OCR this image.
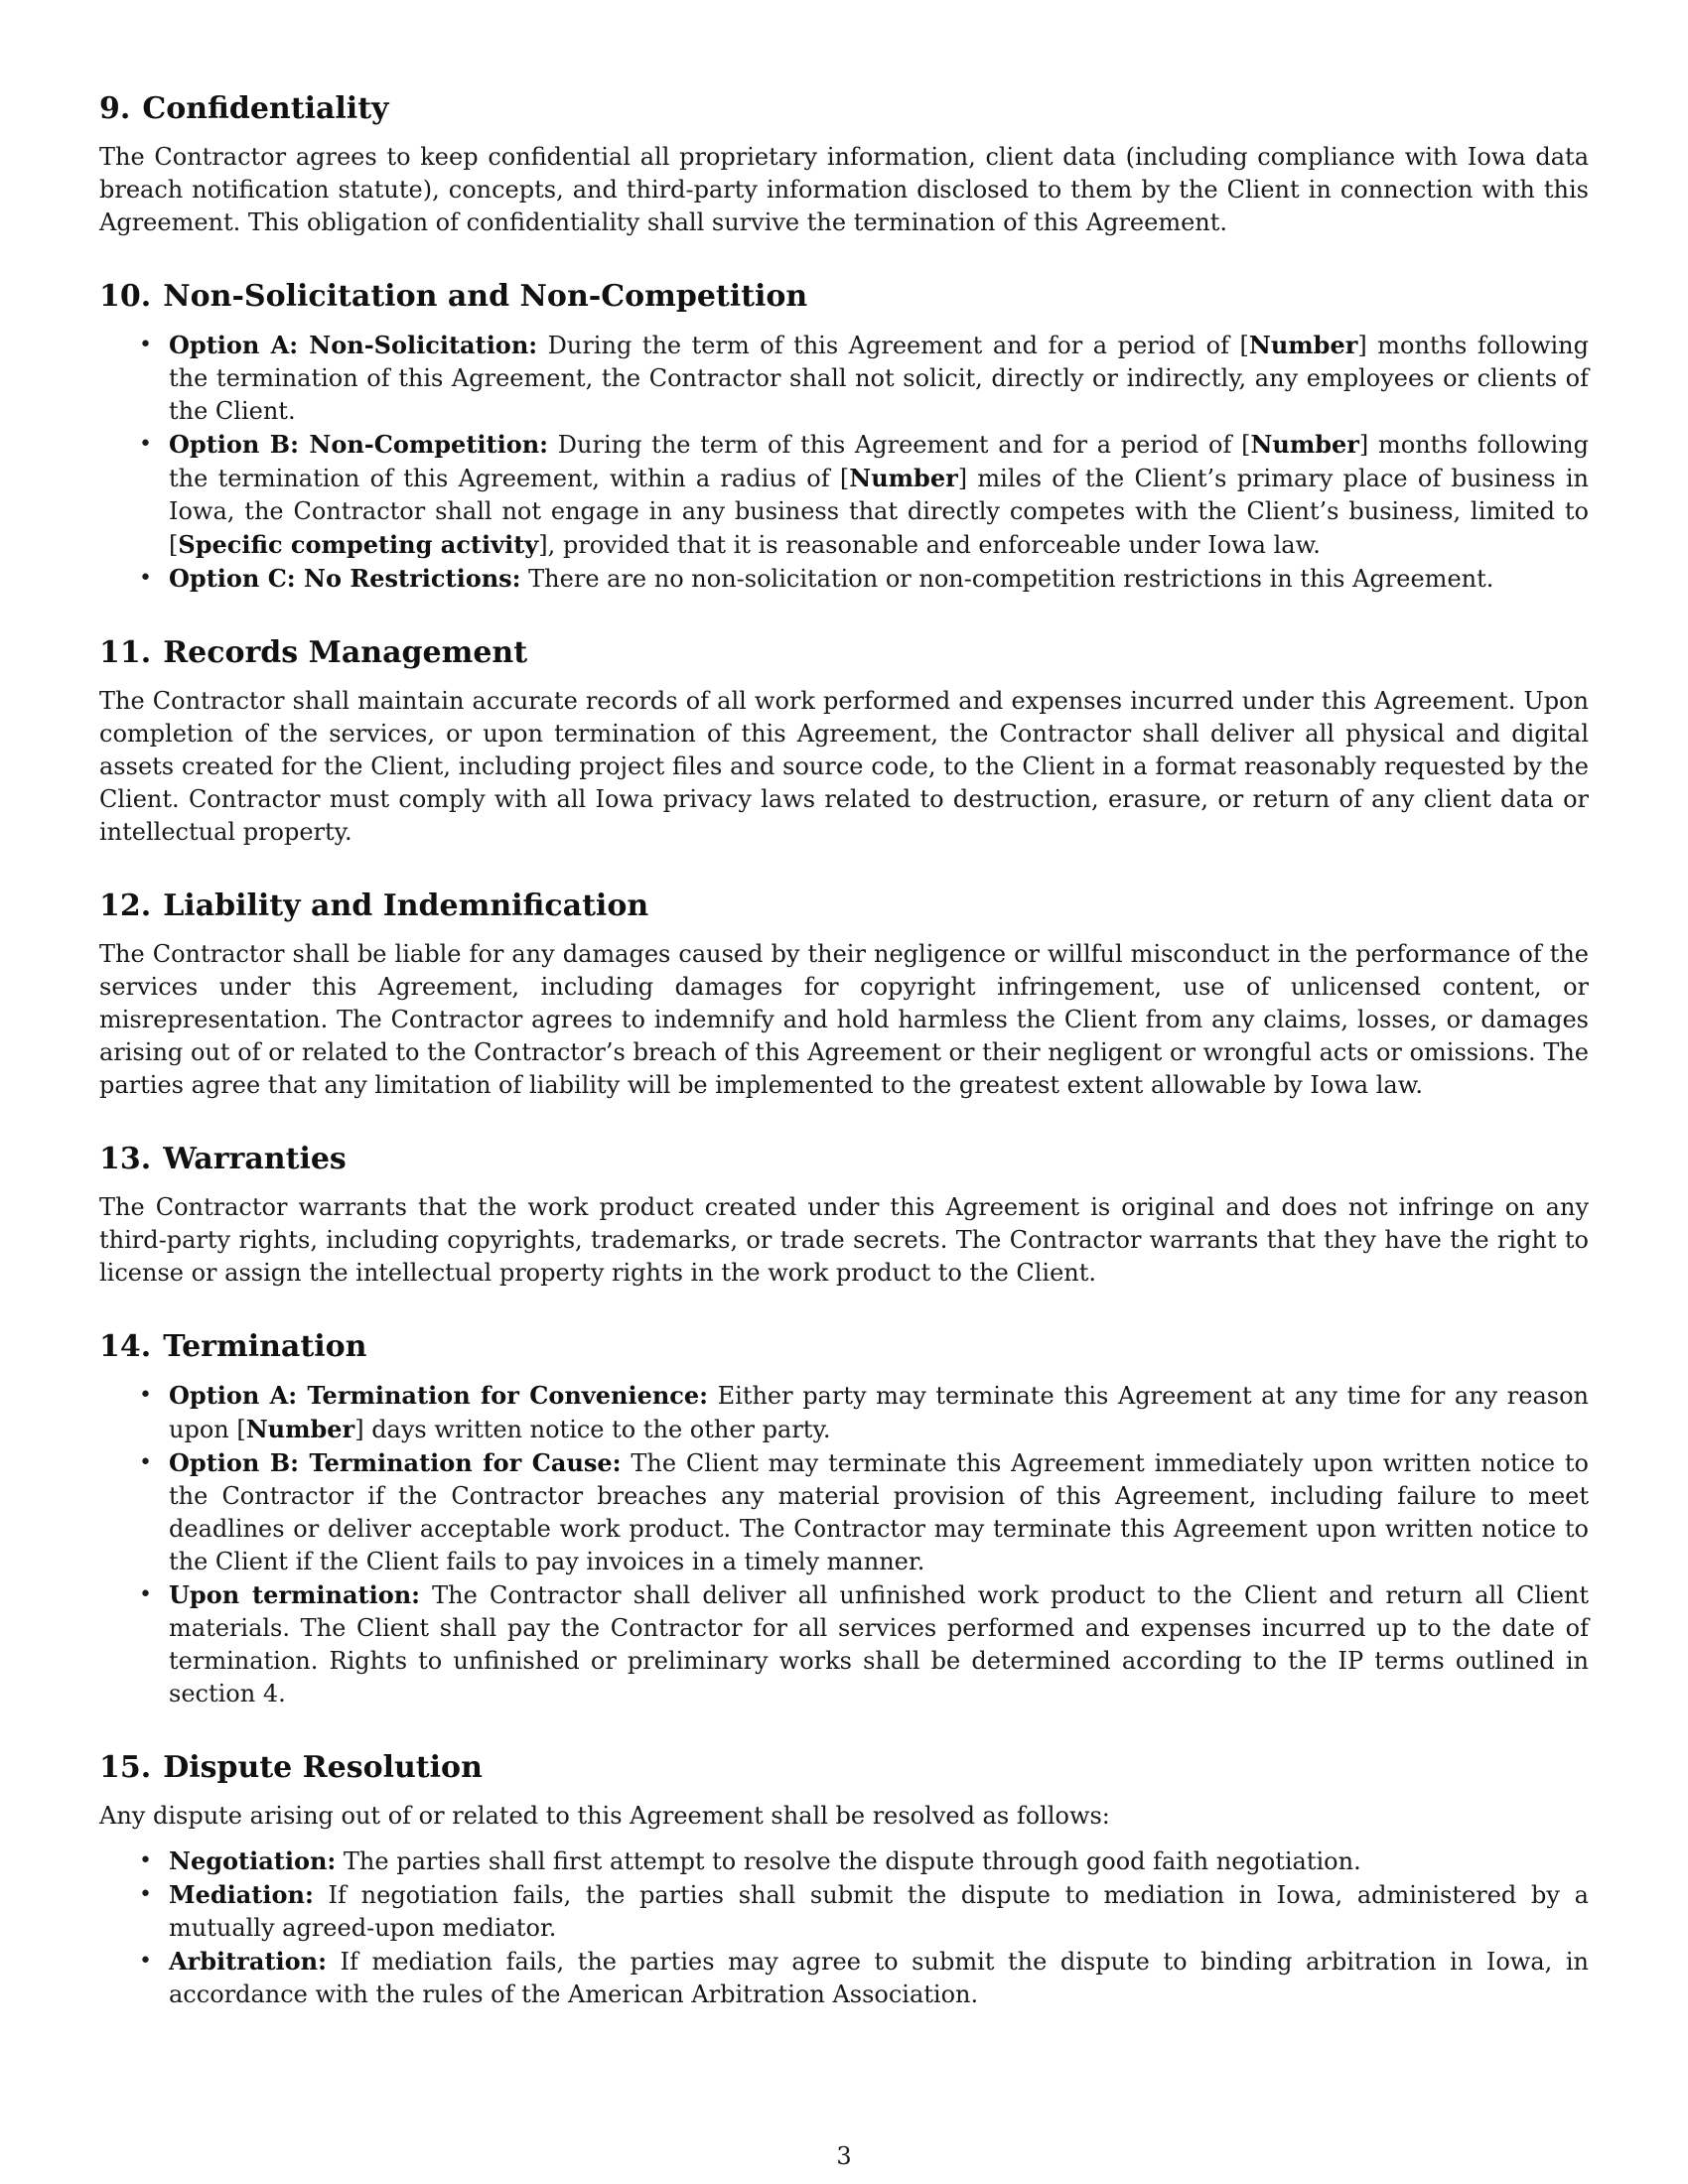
9. Confidentiality

The Contractor agrees to keep confidential all proprietary information, client data (including compliance with Iowa data breach notification statute), concepts, and third-party information disclosed to them by the Client in connection with this Agreement. This obligation of confidentiality shall survive the termination of this Agreement.

10. Non-Solicitation and Non-Competition
• Option A: Non-Solicitation: During the term of this Agreement and for a period of [Number] months following the termination of this Agreement, the Contractor shall not solicit, directly or indirectly, any employees or clients of the Client.
• Option B: Non-Competition: During the term of this Agreement and for a period of [Number] months following the termination of this Agreement, within a radius of [Number] miles of the Client’s primary place of business in Iowa, the Contractor shall not engage in any business that directly competes with the Client’s business, limited to [Specific competing activity], provided that it is reasonable and enforceable under Iowa law.
• Option C: No Restrictions: There are no non-solicitation or non-competition restrictions in this Agreement.
11. Records Management

The Contractor shall maintain accurate records of all work performed and expenses incurred under this Agreement. Upon completion of the services, or upon termination of this Agreement, the Contractor shall deliver all physical and digital assets created for the Client, including project files and source code, to the Client in a format reasonably requested by the Client. Contractor must comply with all Iowa privacy laws related to destruction, erasure, or return of any client data or intellectual property.

12. Liability and Indemnification

The Contractor shall be liable for any damages caused by their negligence or willful misconduct in the performance of the services under this Agreement, including damages for copyright infringement, use of unlicensed content, or misrepresentation. The Contractor agrees to indemnify and hold harmless the Client from any claims, losses, or damages arising out of or related to the Contractor’s breach of this Agreement or their negligent or wrongful acts or omissions. The parties agree that any limitation of liability will be implemented to the greatest extent allowable by Iowa law.

13. Warranties

The Contractor warrants that the work product created under this Agreement is original and does not infringe on any third-party rights, including copyrights, trademarks, or trade secrets. The Contractor warrants that they have the right to license or assign the intellectual property rights in the work product to the Client.

14. Termination
• Option A: Termination for Convenience: Either party may terminate this Agreement at any time for any reason upon [Number] days written notice to the other party.
• Option B: Termination for Cause: The Client may terminate this Agreement immediately upon written notice to the Contractor if the Contractor breaches any material provision of this Agreement, including failure to meet deadlines or deliver acceptable work product. The Contractor may terminate this Agreement upon written notice to the Client if the Client fails to pay invoices in a timely manner.
• Upon termination: The Contractor shall deliver all unfinished work product to the Client and return all Client materials. The Client shall pay the Contractor for all services performed and expenses incurred up to the date of termination. Rights to unfinished or preliminary works shall be determined according to the IP terms outlined in section 4.
15. Dispute Resolution

Any dispute arising out of or related to this Agreement shall be resolved as follows:

• Negotiation: The parties shall first attempt to resolve the dispute through good faith negotiation.
• Mediation: If negotiation fails, the parties shall submit the dispute to mediation in Iowa, administered by a mutually agreed-upon mediator.
• Arbitration: If mediation fails, the parties may agree to submit the dispute to binding arbitration in Iowa, in accordance with the rules of the American Arbitration Association.
3
